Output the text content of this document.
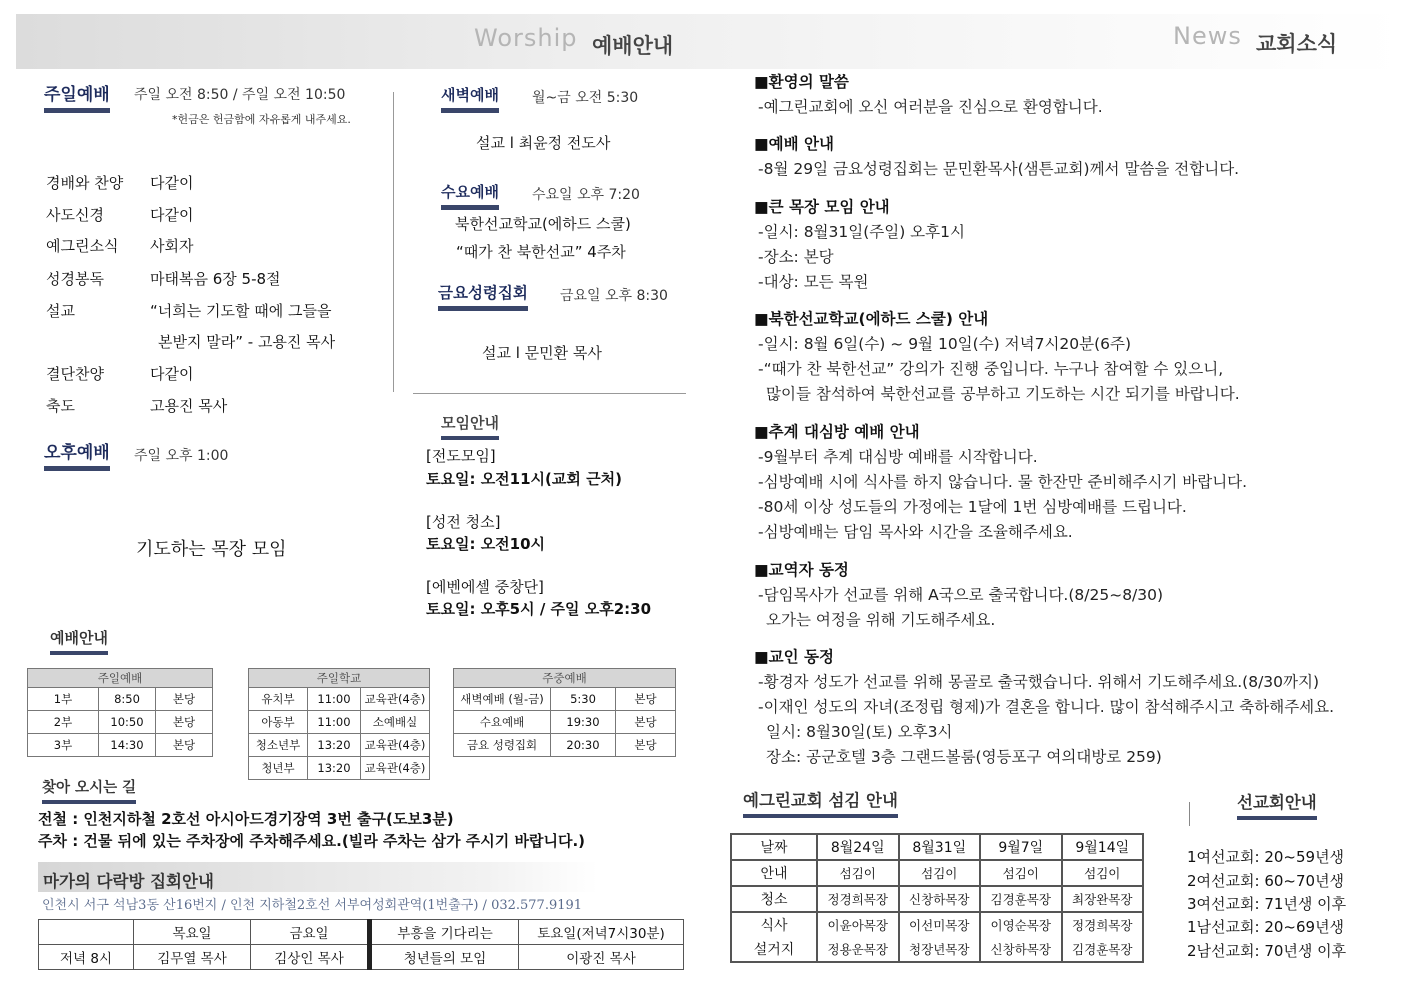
Worship 예배안내	News 교회소식
주일예배 주일 오전 8:50 / 주일 오전 10:50
*헌금은 헌금함에 자유롭게 내주세요.
경배와 찬양 다같이
사도신경	다같이
예그린소식 사회자
성경봉독	마태복음 6장 5-8절
설교	“너희는 기도할 때에 그들을
본받지 말라” - 고용진 목사
결단찬양	다같이
축도	고용진 목사
오후예배 주일 오후 1:00
기도하는 목장 모임
새벽예배 월~금 오전 5:30
설교 l 최윤정 전도사
수요예배 수요일 오후 7:20
북한선교학교(에하드 스쿨)
“때가 찬 북한선교” 4주차
금요성령집회 금요일 오후 8:30
설교 l 문민환 목사
모임안내
[전도모임]
토요일: 오전11시(교회 근처)
[성전 청소]
토요일: 오전10시
[에벤에셀 중창단]
토요일: 오후5시 / 주일 오후2:30
예배안내
주일예배		
1부	8:50	본당
2부	10:50	본당
3부	14:30	본당
주일학교		
유치부	11:00	교육관(4층)
아동부	11:00	소예배실
청소년부	13:20	교육관(4층)
청년부	13:20	교육관(4층)
주중예배		
새벽예배 (월-금)	5:30	본당
수요예배	19:30	본당
금요 성령집회	20:30	본당
찾아 오시는 길
전철 : 인천지하철 2호선 아시아드경기장역 3번 출구(도보3분)
주차 : 건물 뒤에 있는 주차장에 주차해주세요.(빌라 주차는 삼가 주시기 바랍니다.)
마가의 다락방 집회안내
인천시 서구 석남3동 산16번지 / 인천 지하철2호선 서부여성회관역(1번출구) / 032.577.9191
	목요일	금요일	부흥을 기다리는	토요일(저녁7시30분)
저녁 8시	김무열 목사	김상인 목사	청년들의 모임	이광진 목사
■환영의 말씀
-예그린교회에 오신 여러분을 진심으로 환영합니다.
■예배 안내
-8월 29일 금요성령집회는 문민환목사(샘튼교회)께서 말씀을 전합니다.
■큰 목장 모임 안내
-일시: 8월31일(주일) 오후1시
-장소: 본당
-대상: 모든 목원
■북한선교학교(에하드 스쿨) 안내
-일시: 8월 6일(수) ~ 9월 10일(수) 저녁7시20분(6주)
-“때가 찬 북한선교” 강의가 진행 중입니다. 누구나 참여할 수 있으니,
많이들 참석하여 북한선교를 공부하고 기도하는 시간 되기를 바랍니다.
■추계 대심방 예배 안내
-9월부터 추계 대심방 예배를 시작합니다.
-심방예배 시에 식사를 하지 않습니다. 물 한잔만 준비해주시기 바랍니다.
-80세 이상 성도들의 가정에는 1달에 1번 심방예배를 드립니다.
-심방예배는 담임 목사와 시간을 조율해주세요.
■교역자 동정
-담임목사가 선교를 위해 A국으로 출국합니다.(8/25~8/30)
오가는 여정을 위해 기도해주세요.
■교인 동정
-황경자 성도가 선교를 위해 몽골로 출국했습니다. 위해서 기도해주세요.(8/30까지)
-이재인 성도의 자녀(조정립 형제)가 결혼을 합니다. 많이 참석해주시고 축하해주세요.
일시: 8월30일(토) 오후3시
장소: 공군호텔 3층 그랜드볼룸(영등포구 여의대방로 259)
예그린교회 섬김 안내
날짜	8월24일	8월31일	9월7일	9월14일
안내	섬김이	섬김이	섬김이	섬김이
청소	정경희목장	신창하목장	김경훈목장	최장완목장
식사	이윤아목장	이선미목장	이영순목장	정경희목장
설거지	정용운목장	청장년목장	신창하목장	김경훈목장
선교회안내
1여선교회: 20~59년생
2여선교회: 60~70년생
3여선교회: 71년생 이후
1남선교회: 20~69년생
2남선교회: 70년생 이후
